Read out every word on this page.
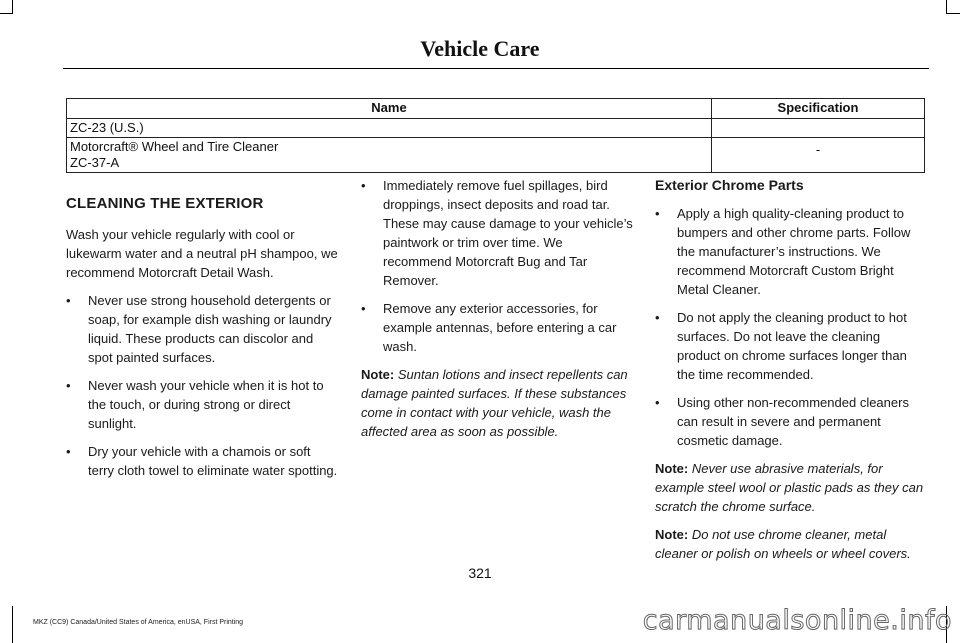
Vehicle Care
Name	Specification

ZC-23 (U.S.)	

Motorcraft® Wheel and Tire Cleaner
ZC-37-A	-
CLEANING THE EXTERIOR

Wash your vehicle regularly with cool or lukewarm water and a neutral pH shampoo, we recommend Motorcraft Detail Wash.

• Never use strong household detergents or soap, for example dish washing or laundry liquid. These products can discolor and spot painted surfaces.
• Never wash your vehicle when it is hot to the touch, or during strong or direct sunlight.
• Dry your vehicle with a chamois or soft terry cloth towel to eliminate water spotting.
• Immediately remove fuel spillages, bird droppings, insect deposits and road tar. These may cause damage to your vehicle’s paintwork or trim over time. We recommend Motorcraft Bug and Tar Remover.
• Remove any exterior accessories, for example antennas, before entering a car wash.

Note: Suntan lotions and insect repellents can damage painted surfaces. If these substances come in contact with your vehicle, wash the affected area as soon as possible.

Exterior Chrome Parts
• Apply a high quality-cleaning product to bumpers and other chrome parts. Follow the manufacturer’s instructions. We recommend Motorcraft Custom Bright Metal Cleaner.
• Do not apply the cleaning product to hot surfaces. Do not leave the cleaning product on chrome surfaces longer than the time recommended.
• Using other non-recommended cleaners can result in severe and permanent cosmetic damage.

Note: Never use abrasive materials, for example steel wool or plastic pads as they can scratch the chrome surface.

Note: Do not use chrome cleaner, metal cleaner or polish on wheels or wheel covers.

321
MKZ (CC9) Canada/United States of America, enUSA, First Printing	carmanualsonline.info
